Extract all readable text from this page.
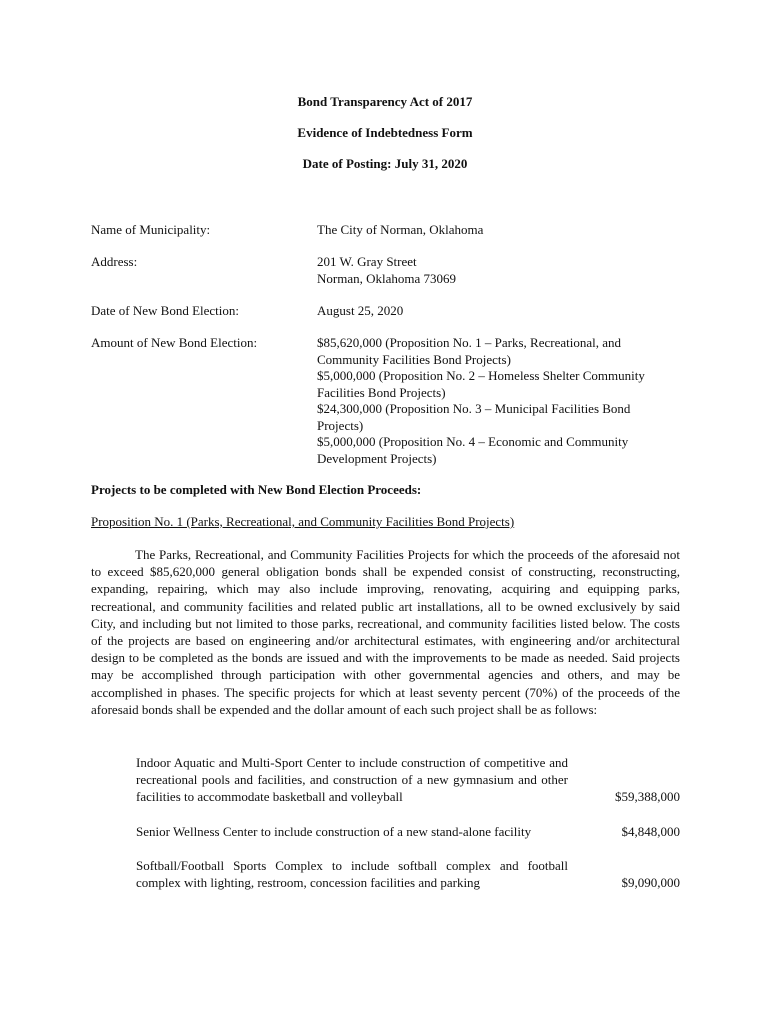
Bond Transparency Act of 2017
Evidence of Indebtedness Form
Date of Posting: July 31, 2020
Name of Municipality:	The City of Norman, Oklahoma
Address:	201 W. Gray Street
Norman, Oklahoma 73069
Date of New Bond Election:	August 25, 2020
Amount of New Bond Election:	$85,620,000 (Proposition No. 1 – Parks, Recreational, and
Community Facilities Bond Projects)
$5,000,000 (Proposition No. 2 – Homeless Shelter Community
Facilities Bond Projects)
$24,300,000 (Proposition No. 3 – Municipal Facilities Bond
Projects)
$5,000,000 (Proposition No. 4 – Economic and Community
Development Projects)
Projects to be completed with New Bond Election Proceeds:
Proposition No. 1 (Parks, Recreational, and Community Facilities Bond Projects)
The Parks, Recreational, and Community Facilities Projects for which the proceeds of the aforesaid not to exceed $85,620,000 general obligation bonds shall be expended consist of constructing, reconstructing, expanding, repairing, which may also include improving, renovating, acquiring and equipping parks, recreational, and community facilities and related public art installations, all to be owned exclusively by said City, and including but not limited to those parks, recreational, and community facilities listed below. The costs of the projects are based on engineering and/or architectural estimates, with engineering and/or architectural design to be completed as the bonds are issued and with the improvements to be made as needed. Said projects may be accomplished through participation with other governmental agencies and others, and may be accomplished in phases. The specific projects for which at least seventy percent (70%) of the proceeds of the aforesaid bonds shall be expended and the dollar amount of each such project shall be as follows:
Indoor Aquatic and Multi-Sport Center to include construction of competitive and recreational pools and facilities, and construction of a new gymnasium and other facilities to accommodate basketball and volleyball	$59,388,000
Senior Wellness Center to include construction of a new stand-alone facility	$4,848,000
Softball/Football Sports Complex to include softball complex and football complex with lighting, restroom, concession facilities and parking	$9,090,000
